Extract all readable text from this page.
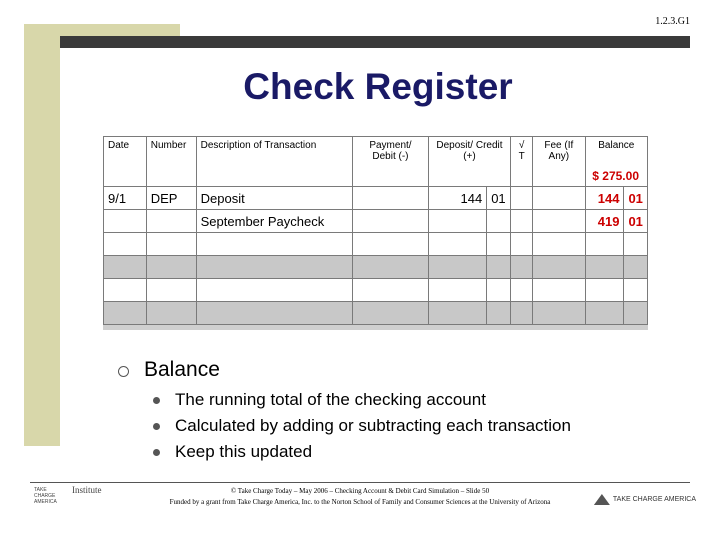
1.2.3.G1
Check Register
Date	Number	Description of Transaction	Payment/ Debit (-)	Deposit/ Credit (+)		√ T	Fee (If Any)	Balance
$ 275.00	

9/1	DEP	Deposit		144	01			144	01
		September Paycheck						419	01

Balance
The running total of the checking account
Calculated by adding or subtracting each transaction
Keep this updated
TAKE CHARGE AMERICA
Institute	© Take Charge Today – May 2006 – Checking Account & Debit Card Simulation – Slide 50
Funded by a grant from Take Charge America, Inc. to the Norton School of Family and Consumer Sciences at the University of Arizona	TAKE CHARGE AMERICA
